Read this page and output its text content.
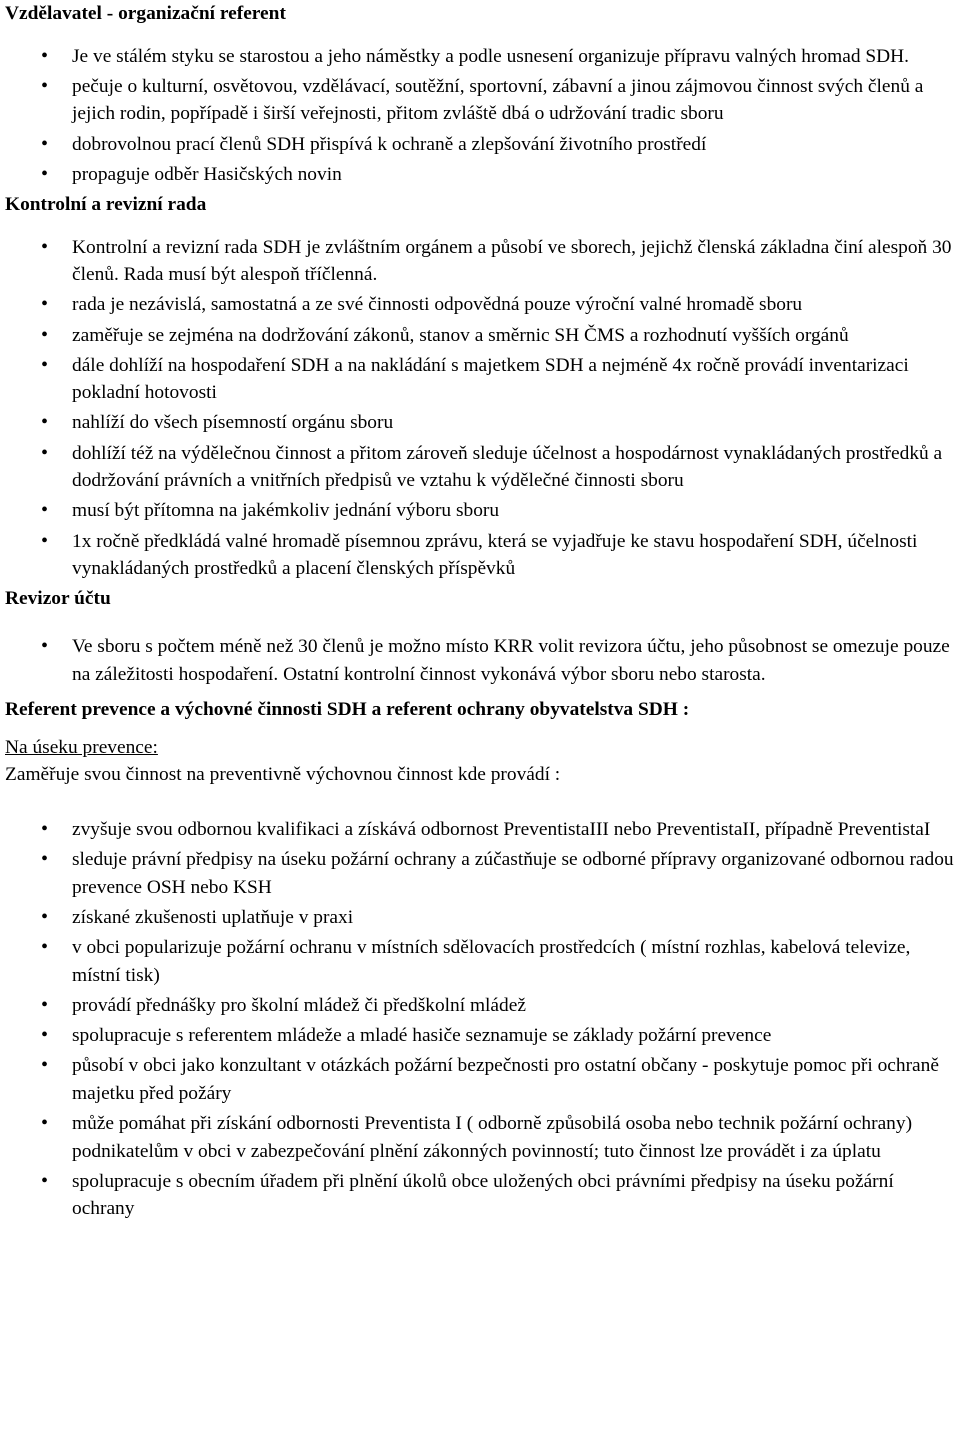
Vzdělavatel - organizační referent

• Je ve stálém styku se starostou a jeho náměstky a podle usnesení organizuje přípravu valných hromad SDH.
• pečuje o kulturní, osvětovou, vzdělávací, soutěžní, sportovní, zábavní a jinou zájmovou činnost svých členů a jejich rodin, popřípadě i širší veřejnosti, přitom zvláště dbá o udržování tradic sboru
• dobrovolnou prací členů SDH přispívá k ochraně a zlepšování životního prostředí
• propaguje odběr Hasičských novin

Kontrolní a revizní rada

• Kontrolní a revizní rada SDH je zvláštním orgánem a působí ve sborech, jejichž členská základna činí alespoň 30 členů. Rada musí být alespoň tříčlenná.
• rada je nezávislá, samostatná a ze své činnosti odpovědná pouze výroční valné hromadě sboru
• zaměřuje se zejména na dodržování zákonů, stanov a směrnic SH ČMS a rozhodnutí vyšších orgánů
• dále dohlíží na hospodaření SDH a na nakládání s majetkem SDH a nejméně 4x ročně provádí inventarizaci pokladní hotovosti
• nahlíží do všech písemností orgánu sboru
• dohlíží též na výdělečnou činnost a přitom zároveň sleduje účelnost a hospodárnost vynakládaných prostředků a dodržování právních a vnitřních předpisů ve vztahu k výdělečné činnosti sboru
• musí být přítomna na jakémkoliv jednání výboru sboru
• 1x ročně předkládá valné hromadě písemnou zprávu, která se vyjadřuje ke stavu hospodaření SDH, účelnosti vynakládaných prostředků a placení členských příspěvků

Revizor účtu

• Ve sboru s počtem méně než 30 členů je možno místo KRR volit revizora účtu, jeho působnost se omezuje pouze na záležitosti hospodaření. Ostatní kontrolní činnost vykonává výbor sboru nebo starosta.

Referent prevence a výchovné činnosti SDH a referent ochrany obyvatelstva SDH :

Na úseku prevence:

Zaměřuje svou činnost na preventivně výchovnou činnost kde provádí :

• zvyšuje svou odbornou kvalifikaci a získává odbornost PreventistaIII nebo PreventistaII, případně PreventistaI
• sleduje právní předpisy na úseku požární ochrany a zúčastňuje se odborné přípravy organizované odbornou radou prevence OSH nebo KSH
• získané zkušenosti uplatňuje v praxi
• v obci popularizuje požární ochranu v místních sdělovacích prostředcích ( místní rozhlas, kabelová televize, místní tisk)
• provádí přednášky pro školní mládež či předškolní mládež
• spolupracuje s referentem mládeže a mladé hasiče seznamuje se základy požární prevence
• působí v obci jako konzultant v otázkách požární bezpečnosti pro ostatní občany - poskytuje pomoc při ochraně majetku před požáry
• může pomáhat při získání odbornosti Preventista I ( odborně způsobilá osoba nebo technik požární ochrany) podnikatelům v obci v zabezpečování plnění zákonných povinností; tuto činnost lze provádět i za úplatu
• spolupracuje s obecním úřadem při plnění úkolů obce uložených obci právními předpisy na úseku požární ochrany
